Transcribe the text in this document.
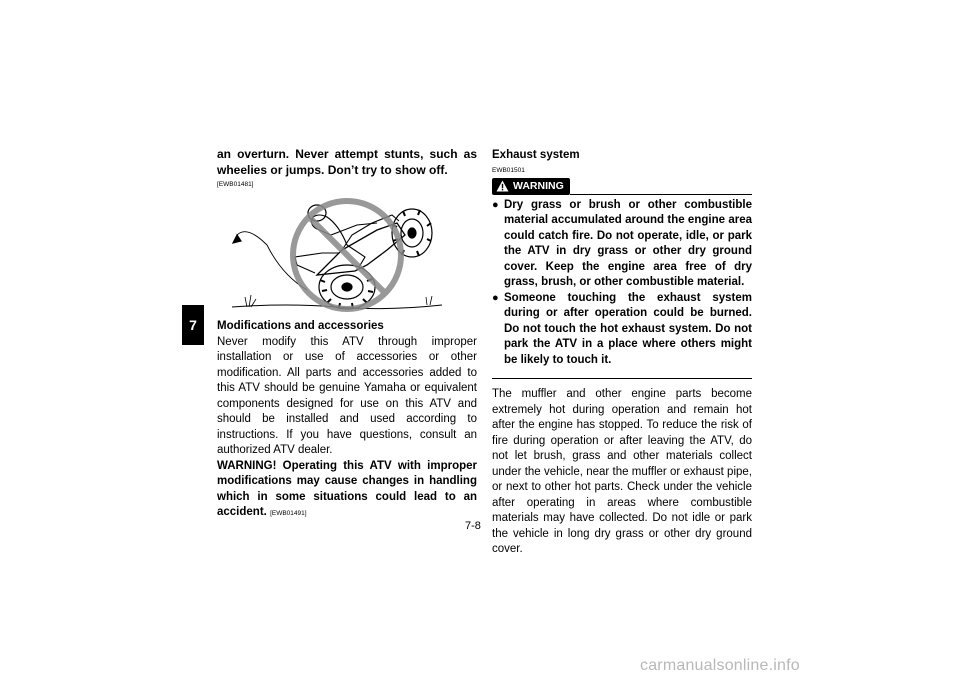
7
an overturn. Never attempt stunts, such as wheelies or jumps. Don’t try to show off.
[EWB01481]
Modifications and accessories
Never modify this ATV through improper installation or use of accessories or other modification. All parts and accessories added to this ATV should be genuine Yamaha or equivalent components designed for use on this ATV and should be installed and used according to instructions. If you have questions, consult an authorized ATV dealer.
WARNING! Operating this ATV with improper modifications may cause changes in handling which in some situations could lead to an accident. [EWB01491]
Exhaust system
EWB01501
WARNING
● Dry grass or brush or other combustible material accumulated around the engine area could catch fire. Do not operate, idle, or park the ATV in dry grass or other dry ground cover. Keep the engine area free of dry grass, brush, or other combustible material.
● Someone touching the exhaust system during or after operation could be burned. Do not touch the hot exhaust system. Do not park the ATV in a place where others might be likely to touch it.
The muffler and other engine parts become extremely hot during operation and remain hot after the engine has stopped. To reduce the risk of fire during operation or after leaving the ATV, do not let brush, grass and other materials collect under the vehicle, near the muffler or exhaust pipe, or next to other hot parts. Check under the vehicle after operating in areas where combustible materials may have collected. Do not idle or park the vehicle in long dry grass or other dry ground cover.
7-8
carmanualsonline.info
